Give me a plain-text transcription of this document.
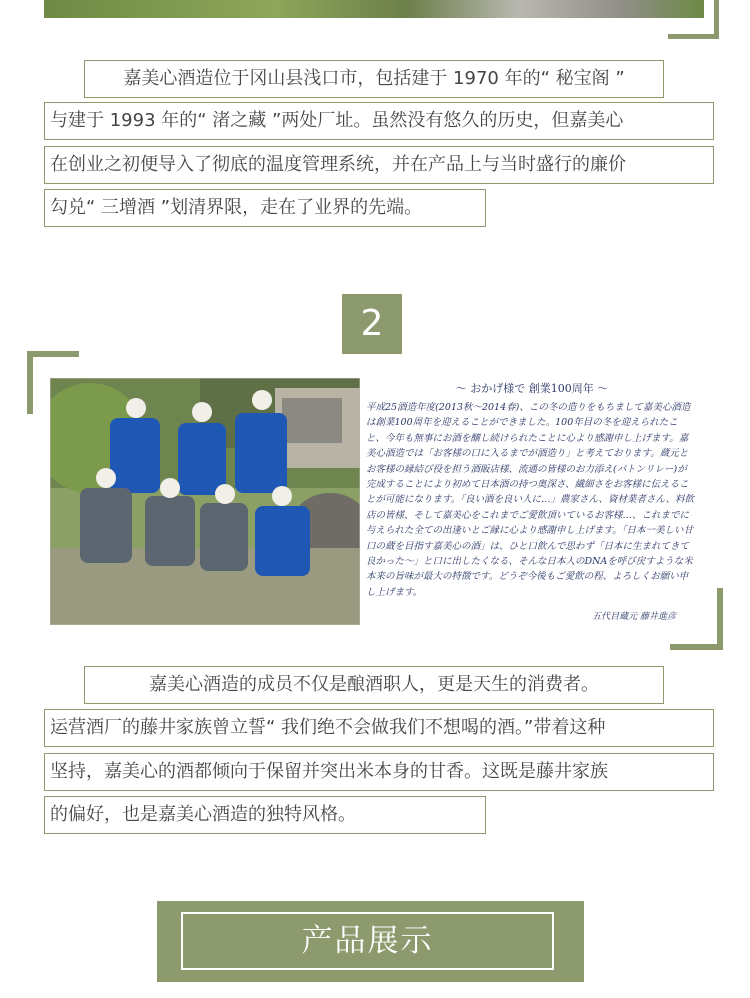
嘉美心酒造位于冈山县浅口市，包括建于 1970 年的“ 秘宝阁 ”
与建于 1993 年的“ 渚之藏 ”两处厂址。虽然没有悠久的历史，但嘉美心
在创业之初便导入了彻底的温度管理系统，并在产品上与当时盛行的廉价
勾兑“ 三增酒 ”划清界限，走在了业界的先端。
2
〜 おかげ様で 創業100周年 〜
平成25酒造年度(2013秋〜2014春)、この冬の造りをもちまして嘉美心酒造は創業100周年を迎えることができました。100年目の冬を迎えられたこと、今年も無事にお酒を醸し続けられたことに心より感謝申し上げます。嘉美心酒造では「お客様の口に入るまでが酒造り」と考えております。蔵元とお客様の縁結び役を担う酒販店様、流通の皆様のお力添え(バトンリレー)が完成することにより初めて日本酒の持つ奥深さ、繊細さをお客様に伝えることが可能になります。「良い酒を良い人に…」農家さん、資材業者さん、料飲店の皆様、そして嘉美心をこれまでご愛飲頂いているお客様…、これまでに与えられた全ての出逢いとご縁に心より感謝申し上げます。「日本一美しい甘口の蔵を目指す嘉美心の酒」は、ひと口飲んで思わず「日本に生まれてきて良かった〜」と口に出したくなる、そんな日本人のDNAを呼び戻すような米本来の旨味が最大の特徴です。どうぞ今後もご愛飲の程、よろしくお願い申し上げます。
五代目蔵元 藤井進彦
嘉美心酒造的成员不仅是酿酒职人，更是天生的消费者。
运营酒厂的藤井家族曾立誓“ 我们绝不会做我们不想喝的酒。”带着这种
坚持，嘉美心的酒都倾向于保留并突出米本身的甘香。这既是藤井家族
的偏好，也是嘉美心酒造的独特风格。
产品展示
